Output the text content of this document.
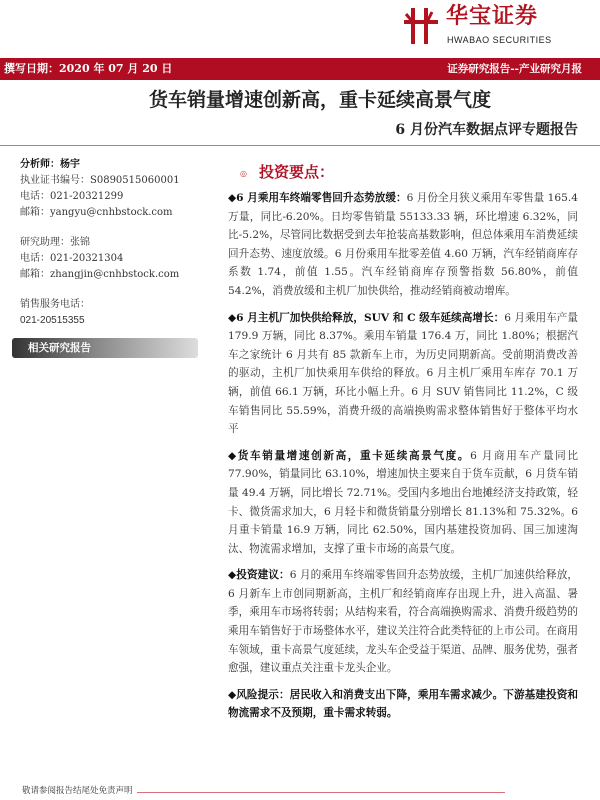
华宝证券
HWABAO SECURITIES
撰写日期：2020 年 07 月 20 日	证券研究报告--产业研究月报
货车销量增速创新高，重卡延续高景气度
6 月份汽车数据点评专题报告
分析师：杨宇
执业证书编号：S0890515060001
电话：021-20321299
邮箱：yangyu@cnhbstock.com
研究助理：张锦
电话：021-20321304
邮箱：zhangjin@cnhbstock.com
销售服务电话：
021-20515355
相关研究报告
◎ 投资要点：

◆6 月乘用车终端零售回升态势放缓：6 月份全月狭义乘用车零售量 165.4 万量，同比-6.20%。日均零售销量 55133.33 辆，环比增速 6.32%，同比-5.2%，尽管同比数据受到去年抢装高基数影响，但总体乘用车消费延续回升态势、速度放缓。6 月份乘用车批零差值 4.60 万辆，汽车经销商库存系数 1.74，前值 1.55。汽车经销商库存预警指数 56.80%，前值 54.2%，消费放缓和主机厂加快供给，推动经销商被动增库。

◆6 月主机厂加快供给释放，SUV 和 C 级车延续高增长：6 月乘用车产量 179.9 万辆，同比 8.37%。乘用车销量 176.4 万，同比 1.80%；根据汽车之家统计 6 月共有 85 款新车上市，为历史同期新高。受前期消费改善的驱动，主机厂加快乘用车供给的释放。6 月主机厂乘用车库存 70.1 万辆，前值 66.1 万辆，环比小幅上升。6 月 SUV 销售同比 11.2%，C 级车销售同比 55.59%，消费升级的高端换购需求整体销售好于整体平均水平

◆货车销量增速创新高，重卡延续高景气度。6 月商用车产量同比 77.90%，销量同比 63.10%，增速加快主要来自于货车贡献，6 月货车销量 49.4 万辆，同比增长 72.71%。受国内多地出台地摊经济支持政策，轻卡、微货需求加大，6 月轻卡和微货销量分别增长 81.13%和 75.32%。6 月重卡销量 16.9 万辆，同比 62.50%，国内基建投资加码、国三加速淘汰、物流需求增加，支撑了重卡市场的高景气度。

◆投资建议：6 月的乘用车终端零售回升态势放缓，主机厂加速供给释放，6 月新车上市创同期新高，主机厂和经销商库存出现上升，进入高温、暑季，乘用车市场将转弱；从结构来看，符合高端换购需求、消费升级趋势的乘用车销售好于市场整体水平，建议关注符合此类特征的上市公司。在商用车领域，重卡高景气度延续，龙头车企受益于渠道、品牌、服务优势，强者愈强，建议重点关注重卡龙头企业。

◆风险提示：居民收入和消费支出下降，乘用车需求减少。下游基建投资和物流需求不及预期，重卡需求转弱。

敬请参阅报告结尾处免责声明
